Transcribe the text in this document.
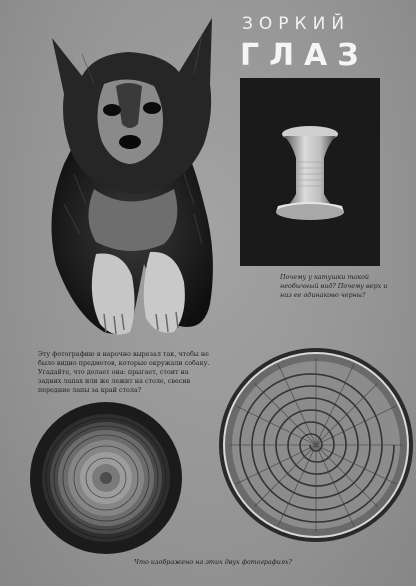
ЗОРКИЙ
ГЛАЗ
Почему у катушки такой необычный вид? Почему верх и низ ее одинаково черны?
Эту фотографию я нарочно вырезал так, чтобы не было видно предметов, которые окружали собаку. Угадайте, что делает она: прыгает, стоит на задних лапах или же лежит на столе, свесив передние лапы за край стола?
Что изображено на этих двух фотографиях?
